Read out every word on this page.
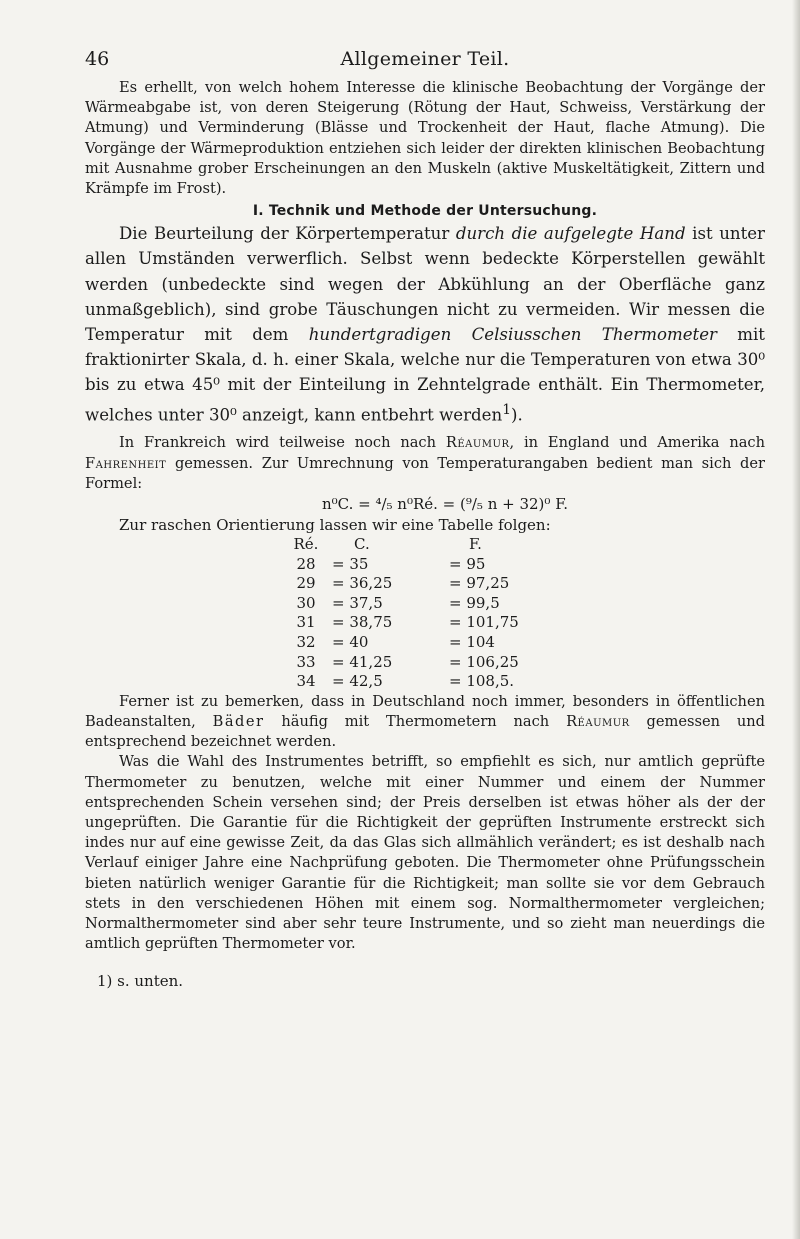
46	Allgemeiner Teil.

Es erhellt, von welch hohem Interesse die klinische Beobachtung der Vorgänge der Wärmeabgabe ist, von deren Steigerung (Rötung der Haut, Schweiss, Verstärkung der Atmung) und Verminderung (Blässe und Trockenheit der Haut, flache Atmung). Die Vorgänge der Wärmeproduktion entziehen sich leider der direkten klinischen Beobachtung mit Ausnahme grober Erscheinungen an den Muskeln (aktive Muskeltätigkeit, Zittern und Krämpfe im Frost).

I. Technik und Methode der Untersuchung.

Die Beurteilung der Körpertemperatur durch die aufgelegte Hand ist unter allen Umständen verwerflich. Selbst wenn bedeckte Körperstellen gewählt werden (unbedeckte sind wegen der Abkühlung an der Oberfläche ganz unmaßgeblich), sind grobe Täuschungen nicht zu vermeiden. Wir messen die Temperatur mit dem hundertgradigen Celsiusschen Thermometer mit fraktionirter Skala, d. h. einer Skala, welche nur die Temperaturen von etwa 30⁰ bis zu etwa 45⁰ mit der Einteilung in Zehntelgrade enthält. Ein Thermometer, welches unter 30⁰ anzeigt, kann entbehrt werden$^1$).

In Frankreich wird teilweise noch nach Réaumur, in England und Amerika nach Fahrenheit gemessen. Zur Umrechnung von Temperaturangaben bedient man sich der Formel:

n⁰C. = ⁴/₅ n⁰Ré. = (⁹/₅ n + 32)⁰ F.

Zur raschen Orientierung lassen wir eine Tabelle folgen:

Ré.	C.	F.
28	= 35	= 95
29	= 36,25	= 97,25
30	= 37,5	= 99,5
31	= 38,75	= 101,75
32	= 40	= 104
33	= 41,25	= 106,25
34	= 42,5	= 108,5.

Ferner ist zu bemerken, dass in Deutschland noch immer, besonders in öffentlichen Badeanstalten, Bäder häufig mit Thermometern nach Réaumur gemessen und entsprechend bezeichnet werden.

Was die Wahl des Instrumentes betrifft, so empfiehlt es sich, nur amtlich geprüfte Thermometer zu benutzen, welche mit einer Nummer und einem der Nummer entsprechenden Schein versehen sind; der Preis derselben ist etwas höher als der der ungeprüften. Die Garantie für die Richtigkeit der geprüften Instrumente erstreckt sich indes nur auf eine gewisse Zeit, da das Glas sich allmählich verändert; es ist deshalb nach Verlauf einiger Jahre eine Nachprüfung geboten. Die Thermometer ohne Prüfungsschein bieten natürlich weniger Garantie für die Richtigkeit; man sollte sie vor dem Gebrauch stets in den verschiedenen Höhen mit einem sog. Normalthermometer vergleichen; Normalthermometer sind aber sehr teure Instrumente, und so zieht man neuerdings die amtlich geprüften Thermometer vor.

1) s. unten.
